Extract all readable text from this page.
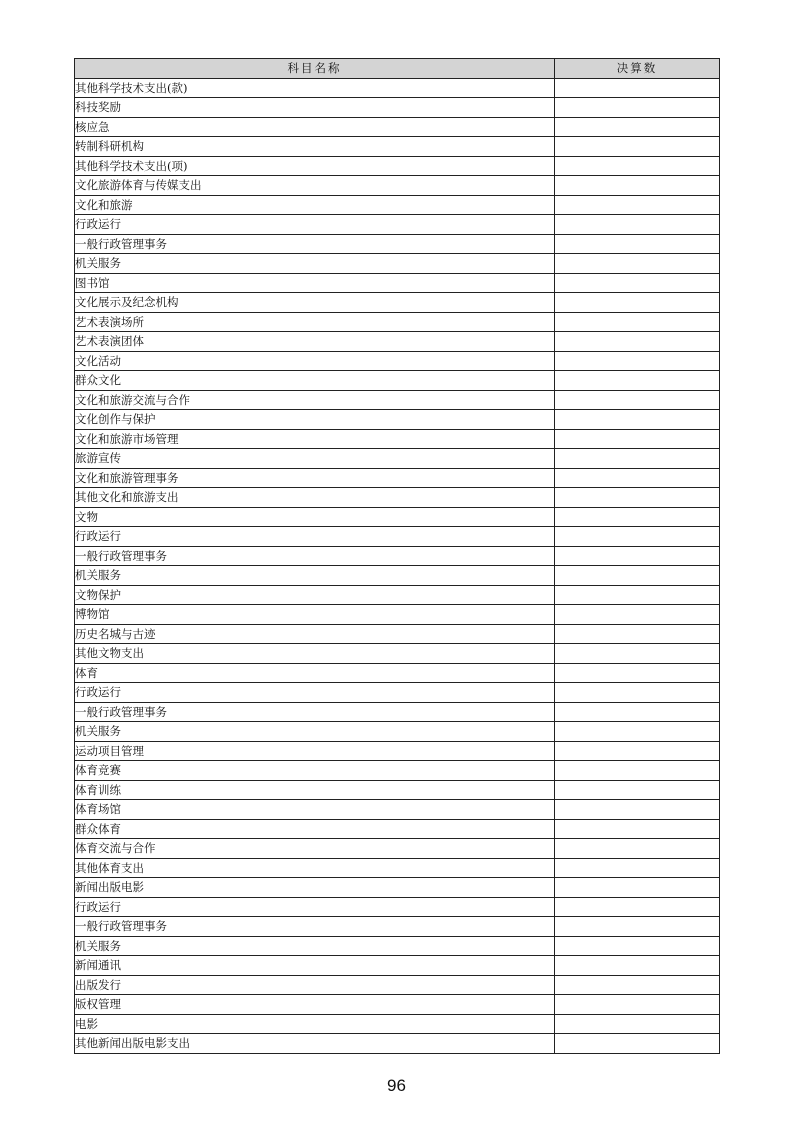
科目名称	决算数
其他科学技术支出(款)	
科技奖励	
核应急	
转制科研机构	
其他科学技术支出(项)	
文化旅游体育与传媒支出	
文化和旅游	
行政运行	
一般行政管理事务	
机关服务	
图书馆	
文化展示及纪念机构	
艺术表演场所	
艺术表演团体	
文化活动	
群众文化	
文化和旅游交流与合作	
文化创作与保护	
文化和旅游市场管理	
旅游宣传	
文化和旅游管理事务	
其他文化和旅游支出	
文物	
行政运行	
一般行政管理事务	
机关服务	
文物保护	
博物馆	
历史名城与古迹	
其他文物支出	
体育	
行政运行	
一般行政管理事务	
机关服务	
运动项目管理	
体育竞赛	
体育训练	
体育场馆	
群众体育	
体育交流与合作	
其他体育支出	
新闻出版电影	
行政运行	
一般行政管理事务	
机关服务	
新闻通讯	
出版发行	
版权管理	
电影	
其他新闻出版电影支出	
96
